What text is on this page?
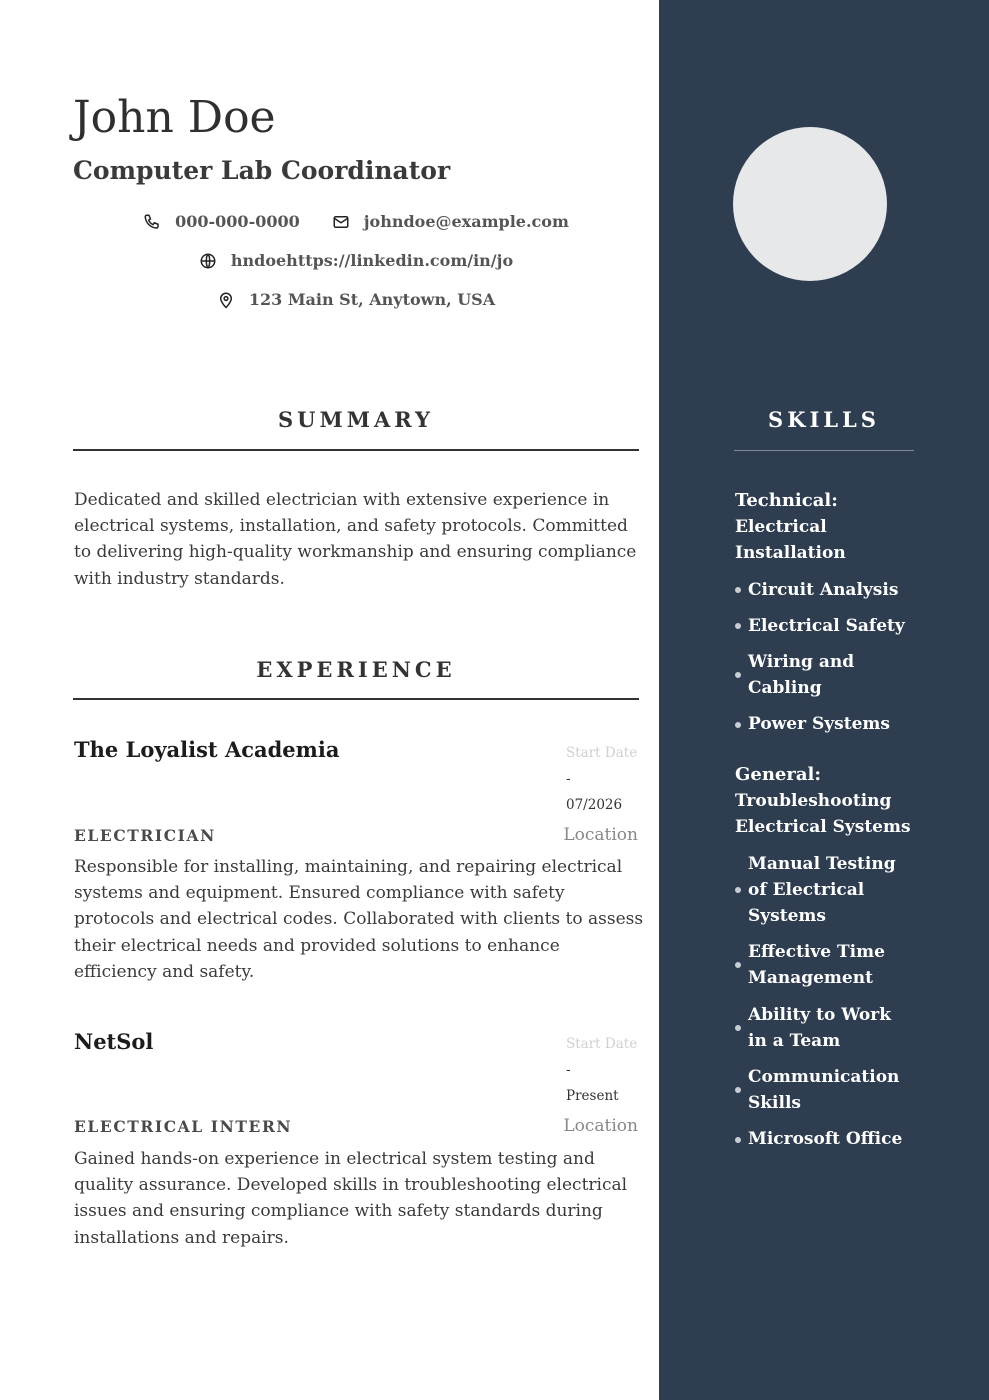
John Doe
Computer Lab Coordinator
000-000-0000	johndoe@example.com
hndoehttps://linkedin.com/in/jo
123 Main St, Anytown, USA
SUMMARY

Dedicated and skilled electrician with extensive experience in electrical systems, installation, and safety protocols. Committed to delivering high-quality workmanship and ensuring compliance with industry standards.

EXPERIENCE
The Loyalist Academia	Start Date
-
07/2026
ELECTRICIAN	Location

Responsible for installing, maintaining, and repairing electrical systems and equipment. Ensured compliance with safety protocols and electrical codes. Collaborated with clients to assess their electrical needs and provided solutions to enhance efficiency and safety.

NetSol	Start Date
-
Present
ELECTRICAL INTERN	Location

Gained hands-on experience in electrical system testing and quality assurance. Developed skills in troubleshooting electrical issues and ensuring compliance with safety standards during installations and repairs.

SKILLS
Technical:
Electrical Installation
Circuit Analysis
Electrical Safety
Wiring and Cabling
Power Systems
General:
Troubleshooting Electrical Systems
Manual Testing of Electrical Systems
Effective Time Management
Ability to Work in a Team
Communication Skills
Microsoft Office
